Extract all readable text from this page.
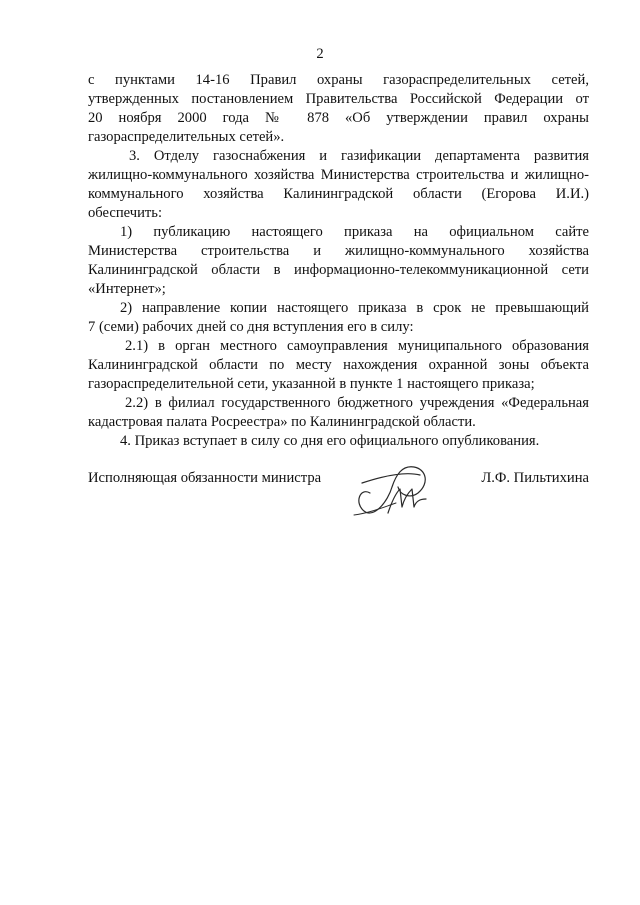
2
с пунктами 14-16 Правил охраны газораспределительных сетей,
утвержденных постановлением Правительства Российской Федерации от
20 ноября 2000 года № 878 «Об утверждении правил охраны
газораспределительных сетей».
3. Отделу газоснабжения и газификации департамента развития
жилищно-коммунального хозяйства Министерства строительства и жилищно-
коммунального хозяйства Калининградской области (Егорова И.И.)
обеспечить:
1) публикацию настоящего приказа на официальном сайте
Министерства строительства и жилищно-коммунального хозяйства
Калининградской области в информационно-телекоммуникационной сети
«Интернет»;
2) направление копии настоящего приказа в срок не превышающий
7 (семи) рабочих дней со дня вступления его в силу:
2.1) в орган местного самоуправления муниципального образования
Калининградской области по месту нахождения охранной зоны объекта
газораспределительной сети, указанной в пункте 1 настоящего приказа;
2.2) в филиал государственного бюджетного учреждения «Федеральная
кадастровая палата Росреестра» по Калининградской области.
4. Приказ вступает в силу со дня его официального опубликования.
Исполняющая обязанности министра	Л.Ф. Пильтихина
